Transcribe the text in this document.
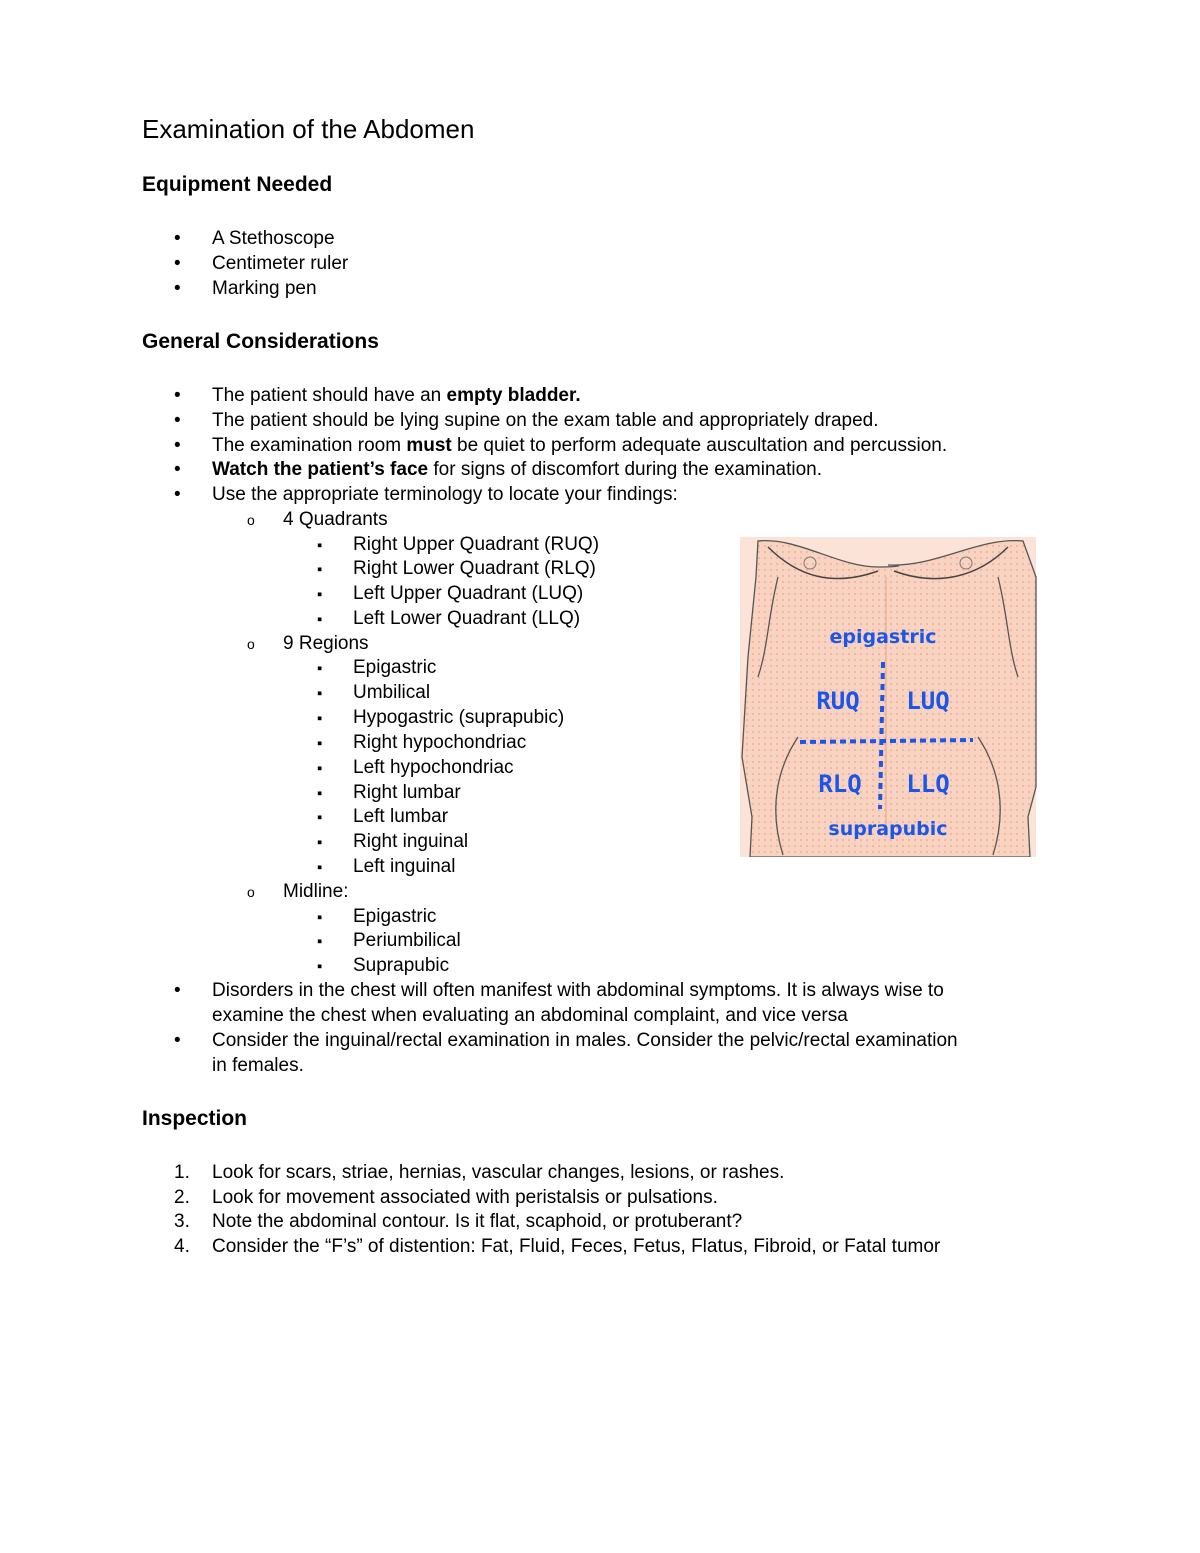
Examination of the Abdomen
Equipment Needed
•
A Stethoscope
•
Centimeter ruler
•
Marking pen
General Considerations
•
The patient should have an empty bladder.
•
The patient should be lying supine on the exam table and appropriately draped.
•
The examination room must be quiet to perform adequate auscultation and percussion.
•
Watch the patient’s face for signs of discomfort during the examination.
•
Use the appropriate terminology to locate your findings:
o
4 Quadrants
▪
Right Upper Quadrant (RUQ)
▪
Right Lower Quadrant (RLQ)
▪
Left Upper Quadrant (LUQ)
▪
Left Lower Quadrant (LLQ)
o
9 Regions
▪
Epigastric
▪
Umbilical
▪
Hypogastric (suprapubic)
▪
Right hypochondriac
▪
Left hypochondriac
▪
Right lumbar
▪
Left lumbar
▪
Right inguinal
▪
Left inguinal
o
Midline:
▪
Epigastric
▪
Periumbilical
▪
Suprapubic
•
Disorders in the chest will often manifest with abdominal symptoms. It is always wise to
examine the chest when evaluating an abdominal complaint, and vice versa
•
Consider the inguinal/rectal examination in males. Consider the pelvic/rectal examination
in females.
epigastric
RUQ LUQ
RLQ LLQ
suprapubic
Inspection
1. Look for scars, striae, hernias, vascular changes, lesions, or rashes.
2. Look for movement associated with peristalsis or pulsations.
3. Note the abdominal contour. Is it flat, scaphoid, or protuberant?
4. Consider the “F’s” of distention: Fat, Fluid, Feces, Fetus, Flatus, Fibroid, or Fatal tumor
